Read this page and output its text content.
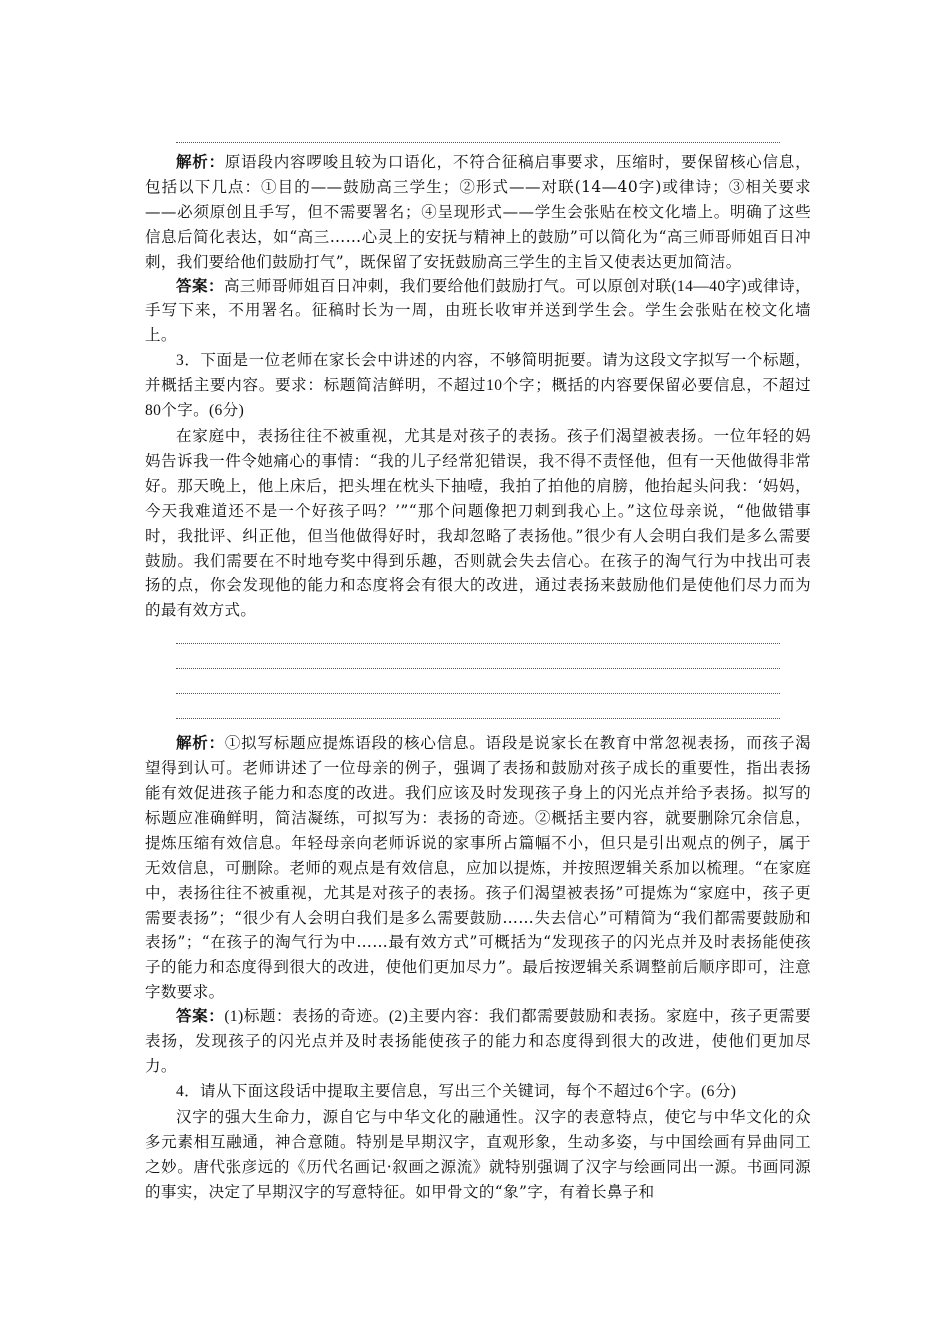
解析：原语段内容啰唆且较为口语化，不符合征稿启事要求，压缩时，要保留核心信息，包括以下几点：①目的——鼓励高三学生；②形式——对联(14—40字)或律诗；③相关要求——必须原创且手写，但不需要署名；④呈现形式——学生会张贴在校文化墙上。明确了这些信息后简化表达，如“高三……心灵上的安抚与精神上的鼓励”可以简化为“高三师哥师姐百日冲刺，我们要给他们鼓励打气”，既保留了安抚鼓励高三学生的主旨又使表达更加简洁。

答案：高三师哥师姐百日冲刺，我们要给他们鼓励打气。可以原创对联(14—40字)或律诗，手写下来，不用署名。征稿时长为一周，由班长收审并送到学生会。学生会张贴在校文化墙上。

3．下面是一位老师在家长会中讲述的内容，不够简明扼要。请为这段文字拟写一个标题，并概括主要内容。要求：标题简洁鲜明，不超过10个字；概括的内容要保留必要信息，不超过80个字。(6分)

在家庭中，表扬往往不被重视，尤其是对孩子的表扬。孩子们渴望被表扬。一位年轻的妈妈告诉我一件令她痛心的事情：“我的儿子经常犯错误，我不得不责怪他，但有一天他做得非常好。那天晚上，他上床后，把头埋在枕头下抽噎，我拍了拍他的肩膀，他抬起头问我：‘妈妈，今天我难道还不是一个好孩子吗？’”“那个问题像把刀刺到我心上。”这位母亲说，“他做错事时，我批评、纠正他，但当他做得好时，我却忽略了表扬他。”很少有人会明白我们是多么需要鼓励。我们需要在不时地夸奖中得到乐趣，否则就会失去信心。在孩子的淘气行为中找出可表扬的点，你会发现他的能力和态度将会有很大的改进，通过表扬来鼓励他们是使他们尽力而为的最有效方式。

解析：①拟写标题应提炼语段的核心信息。语段是说家长在教育中常忽视表扬，而孩子渴望得到认可。老师讲述了一位母亲的例子，强调了表扬和鼓励对孩子成长的重要性，指出表扬能有效促进孩子能力和态度的改进。我们应该及时发现孩子身上的闪光点并给予表扬。拟写的标题应准确鲜明，简洁凝练，可拟写为：表扬的奇迹。②概括主要内容，就要删除冗余信息，提炼压缩有效信息。年轻母亲向老师诉说的家事所占篇幅不小，但只是引出观点的例子，属于无效信息，可删除。老师的观点是有效信息，应加以提炼，并按照逻辑关系加以梳理。“在家庭中，表扬往往不被重视，尤其是对孩子的表扬。孩子们渴望被表扬”可提炼为“家庭中，孩子更需要表扬”；“很少有人会明白我们是多么需要鼓励……失去信心”可精简为“我们都需要鼓励和表扬”；“在孩子的淘气行为中……最有效方式”可概括为“发现孩子的闪光点并及时表扬能使孩子的能力和态度得到很大的改进，使他们更加尽力”。最后按逻辑关系调整前后顺序即可，注意字数要求。

答案：(1)标题：表扬的奇迹。(2)主要内容：我们都需要鼓励和表扬。家庭中，孩子更需要表扬，发现孩子的闪光点并及时表扬能使孩子的能力和态度得到很大的改进，使他们更加尽力。

4．请从下面这段话中提取主要信息，写出三个关键词，每个不超过6个字。(6分)

汉字的强大生命力，源自它与中华文化的融通性。汉字的表意特点，使它与中华文化的众多元素相互融通，神合意随。特别是早期汉字，直观形象，生动多姿，与中国绘画有异曲同工之妙。唐代张彦远的《历代名画记·叙画之源流》就特别强调了汉字与绘画同出一源。书画同源的事实，决定了早期汉字的写意特征。如甲骨文的“象”字，有着长鼻子和
